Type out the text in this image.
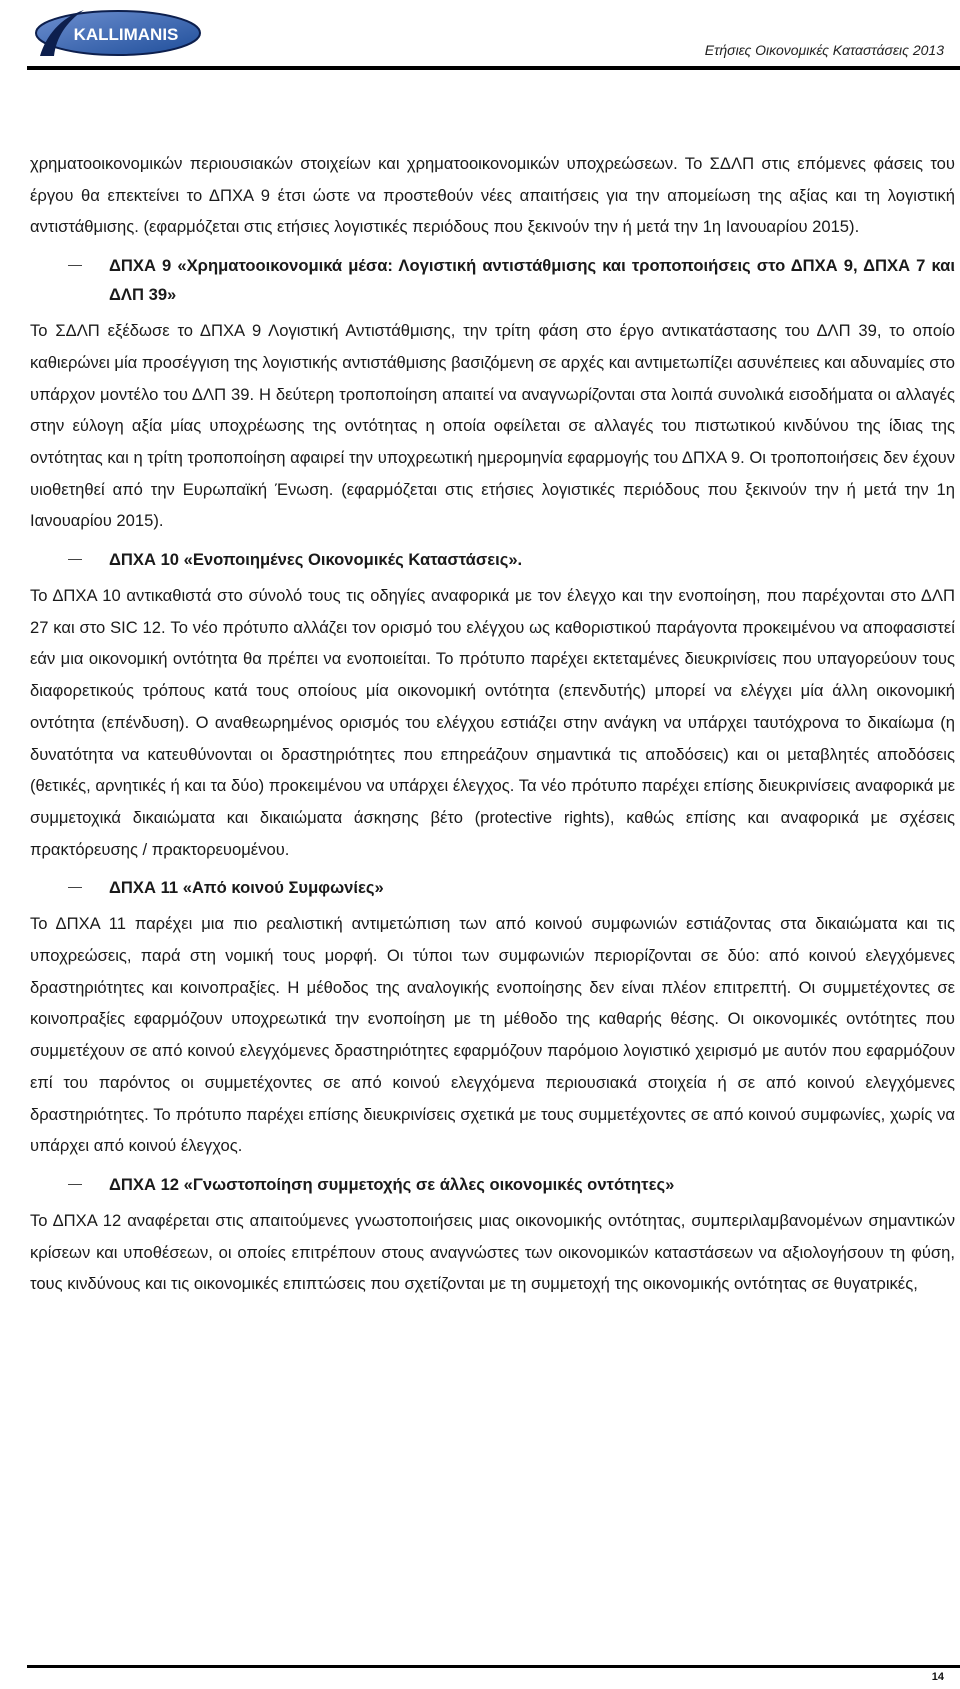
KALLIMANIS
Ετήσιες Οικονομικές Καταστάσεις 2013

χρηματοοικονομικών περιουσιακών στοιχείων και χρηματοοικονομικών υποχρεώσεων. Το ΣΔΛΠ στις επόμενες φάσεις του έργου θα επεκτείνει το ΔΠΧΑ 9 έτσι ώστε να προστεθούν νέες απαιτήσεις για την απομείωση της αξίας και τη λογιστική αντιστάθμισης. (εφαρμόζεται στις ετήσιες λογιστικές περιόδους που ξεκινούν την ή μετά την 1η Ιανουαρίου 2015).

ΔΠΧΑ 9 «Χρηματοοικονομικά μέσα: Λογιστική αντιστάθμισης και τροποποιήσεις στο ΔΠΧΑ 9, ΔΠΧΑ 7 και ΔΛΠ 39»

Το ΣΔΛΠ εξέδωσε το ΔΠΧΑ 9 Λογιστική Αντιστάθμισης, την τρίτη φάση στο έργο αντικατάστασης του ΔΛΠ 39, το οποίο καθιερώνει μία προσέγγιση της λογιστικής αντιστάθμισης βασιζόμενη σε αρχές και αντιμετωπίζει ασυνέπειες και αδυναμίες στο υπάρχον μοντέλο του ΔΛΠ 39. Η δεύτερη τροποποίηση απαιτεί να αναγνωρίζονται στα λοιπά συνολικά εισοδήματα οι αλλαγές στην εύλογη αξία μίας υποχρέωσης της οντότητας η οποία οφείλεται σε αλλαγές του πιστωτικού κινδύνου της ίδιας της οντότητας και η τρίτη τροποποίηση αφαιρεί την υποχρεωτική ημερομηνία εφαρμογής του ΔΠΧΑ 9. Οι τροποποιήσεις δεν έχουν υιοθετηθεί από την Ευρωπαϊκή Ένωση. (εφαρμόζεται στις ετήσιες λογιστικές περιόδους που ξεκινούν την ή μετά την 1η Ιανουαρίου 2015).

ΔΠΧΑ 10 «Ενοποιημένες Οικονομικές Καταστάσεις».

Το ΔΠΧΑ 10 αντικαθιστά στο σύνολό τους τις οδηγίες αναφορικά με τον έλεγχο και την ενοποίηση, που παρέχονται στο ΔΛΠ 27 και στο SIC 12. Το νέο πρότυπο αλλάζει τον ορισμό του ελέγχου ως καθοριστικού παράγοντα προκειμένου να αποφασιστεί εάν μια οικονομική οντότητα θα πρέπει να ενοποιείται. Το πρότυπο παρέχει εκτεταμένες διευκρινίσεις που υπαγορεύουν τους διαφορετικούς τρόπους κατά τους οποίους μία οικονομική οντότητα (επενδυτής) μπορεί να ελέγχει μία άλλη οικονομική οντότητα (επένδυση). Ο αναθεωρημένος ορισμός του ελέγχου εστιάζει στην ανάγκη να υπάρχει ταυτόχρονα το δικαίωμα (η δυνατότητα να κατευθύνονται οι δραστηριότητες που επηρεάζουν σημαντικά τις αποδόσεις) και οι μεταβλητές αποδόσεις (θετικές, αρνητικές ή και τα δύο) προκειμένου να υπάρχει έλεγχος. Τα νέο πρότυπο παρέχει επίσης διευκρινίσεις αναφορικά με συμμετοχικά δικαιώματα και δικαιώματα άσκησης βέτο (protective rights), καθώς επίσης και αναφορικά με σχέσεις πρακτόρευσης / πρακτορευομένου.

ΔΠΧΑ 11 «Από κοινού Συμφωνίες»

Το ΔΠΧΑ 11 παρέχει μια πιο ρεαλιστική αντιμετώπιση των από κοινού συμφωνιών εστιάζοντας στα δικαιώματα και τις υποχρεώσεις, παρά στη νομική τους μορφή. Οι τύποι των συμφωνιών περιορίζονται σε δύο: από κοινού ελεγχόμενες δραστηριότητες και κοινοπραξίες. Η μέθοδος της αναλογικής ενοποίησης δεν είναι πλέον επιτρεπτή. Οι συμμετέχοντες σε κοινοπραξίες εφαρμόζουν υποχρεωτικά την ενοποίηση με τη μέθοδο της καθαρής θέσης. Οι οικονομικές οντότητες που συμμετέχουν σε από κοινού ελεγχόμενες δραστηριότητες εφαρμόζουν παρόμοιο λογιστικό χειρισμό με αυτόν που εφαρμόζουν επί του παρόντος οι συμμετέχοντες σε από κοινού ελεγχόμενα περιουσιακά στοιχεία ή σε από κοινού ελεγχόμενες δραστηριότητες. Το πρότυπο παρέχει επίσης διευκρινίσεις σχετικά με τους συμμετέχοντες σε από κοινού συμφωνίες, χωρίς να υπάρχει από κοινού έλεγχος.

ΔΠΧΑ 12 «Γνωστοποίηση συμμετοχής σε άλλες οικονομικές οντότητες»

Το ΔΠΧΑ 12 αναφέρεται στις απαιτούμενες γνωστοποιήσεις μιας οικονομικής οντότητας, συμπεριλαμβανομένων σημαντικών κρίσεων και υποθέσεων, οι οποίες επιτρέπουν στους αναγνώστες των οικονομικών καταστάσεων να αξιολογήσουν τη φύση, τους κινδύνους και τις οικονομικές επιπτώσεις που σχετίζονται με τη συμμετοχή της οικονομικής οντότητας σε θυγατρικές,

14
